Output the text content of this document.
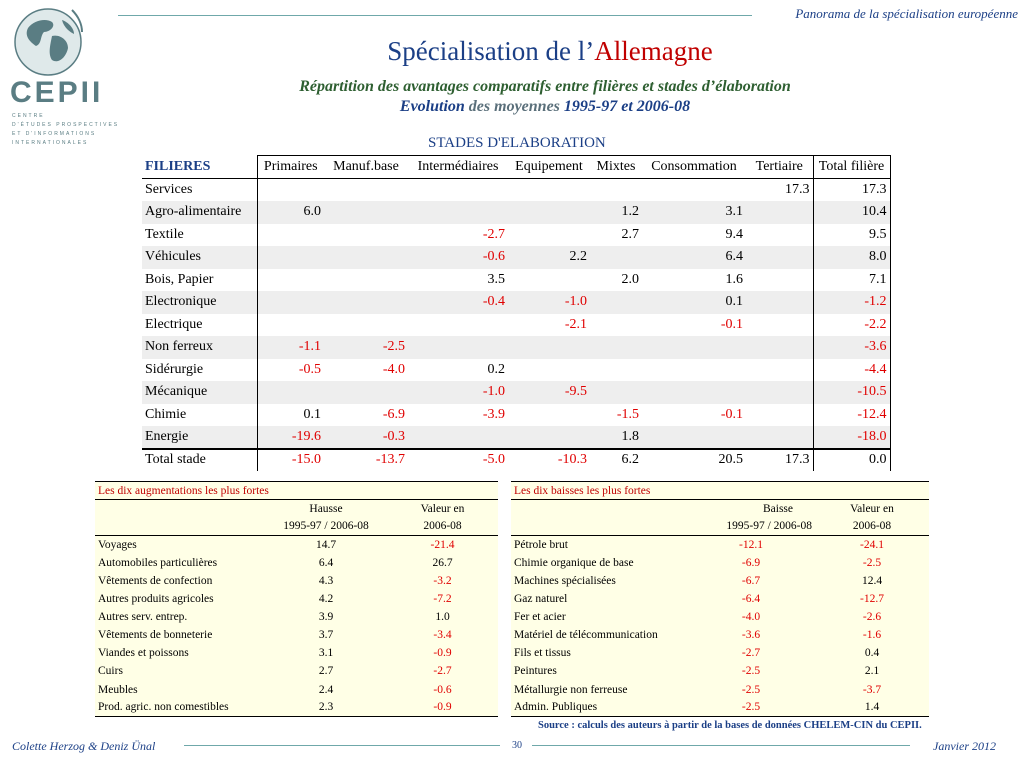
CEPII
CENTRE
D'ÉTUDES PROSPECTIVES
ET D'INFORMATIONS
INTERNATIONALES
Panorama de la spécialisation européenne
Spécialisation de l’Allemagne
Répartition des avantages comparatifs entre filières et stades d’élaboration
Evolution des moyennes 1995-97 et 2006-08
STADES D'ELABORATION
FILIERES	Primaires	Manuf.base	Intermédiaires	Equipement	Mixtes	Consommation	Tertiaire	Total filière
Services							17.3	17.3
Agro-alimentaire	6.0				1.2	3.1		10.4
Textile			-2.7		2.7	9.4		9.5
Véhicules			-0.6	2.2		6.4		8.0
Bois, Papier			3.5		2.0	1.6		7.1
Electronique			-0.4	-1.0		0.1		-1.2
Electrique				-2.1		-0.1		-2.2
Non ferreux	-1.1	-2.5						-3.6
Sidérurgie	-0.5	-4.0	0.2					-4.4
Mécanique			-1.0	-9.5				-10.5
Chimie	0.1	-6.9	-3.9		-1.5	-0.1		-12.4
Energie	-19.6	-0.3			1.8			-18.0
Total stade	-15.0	-13.7	-5.0	-10.3	6.2	20.5	17.3	0.0
Les dix augmentations les plus fortes		
	Hausse	Valeur en
	1995-97 / 2006-08	2006-08
Voyages	14.7	-21.4
Automobiles particulières	6.4	26.7
Vêtements de confection	4.3	-3.2
Autres produits agricoles	4.2	-7.2
Autres serv. entrep.	3.9	1.0
Vêtements de bonneterie	3.7	-3.4
Viandes et poissons	3.1	-0.9
Cuirs	2.7	-2.7
Meubles	2.4	-0.6
Prod. agric. non comestibles	2.3	-0.9
Les dix baisses les plus fortes		
	Baisse	Valeur en
	1995-97 / 2006-08	2006-08
Pétrole brut	-12.1	-24.1
Chimie organique de base	-6.9	-2.5
Machines spécialisées	-6.7	12.4
Gaz naturel	-6.4	-12.7
Fer et acier	-4.0	-2.6
Matériel de télécommunication	-3.6	-1.6
Fils et tissus	-2.7	0.4
Peintures	-2.5	2.1
Métallurgie non ferreuse	-2.5	-3.7
Admin. Publiques	-2.5	1.4
Source : calculs des auteurs à partir de la bases de données CHELEM-CIN du CEPII.
Colette Herzog & Deniz Ünal	30	Janvier 2012
